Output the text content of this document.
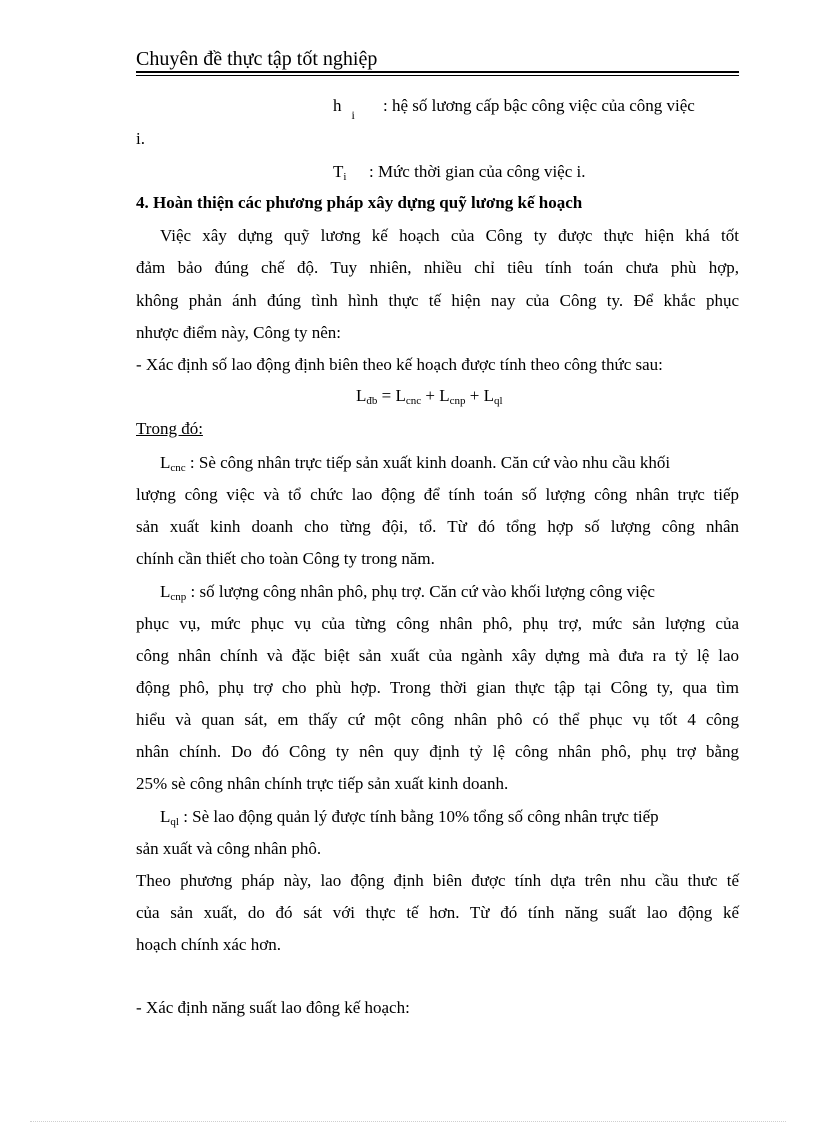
Chuyên đề thực tập tốt nghiệp
h $_i$ : hệ số lương cấp bậc công việc của công việc
i.
$T_i$ : Mức thời gian của công việc i.
4. Hoàn thiện các phương pháp xây dựng quỹ lương kế hoạch
Việc xây dựng quỹ lương kế hoạch của Công ty được thực hiện khá tốt
đảm bảo đúng chế độ. Tuy nhiên, nhiều chỉ tiêu tính toán chưa phù hợp,
không phản ánh đúng tình hình thực tế hiện nay của Công ty. Để khắc phục
nhược điểm này, Công ty nên:
- Xác định số lao động định biên theo kế hoạch được tính theo công thức sau:
$L_{đb} = L_{cnc} + L_{cnp} + L_{ql}$
Trong đó:
$L_{cnc}$ : Sè công nhân trực tiếp sản xuất kinh doanh. Căn cứ vào nhu cầu khối
lượng công việc và tổ chức lao động để tính toán số lượng công nhân trực tiếp
sản xuất kinh doanh cho từng đội, tổ. Từ đó tổng hợp số lượng công nhân
chính cần thiết cho toàn Công ty trong năm.
$L_{cnp}$ : số lượng công nhân phô, phụ trợ. Căn cứ vào khối lượng công việc
phục vụ, mức phục vụ của từng công nhân phô, phụ trợ, mức sản lượng của
công nhân chính và đặc biệt sản xuất của ngành xây dựng mà đưa ra tỷ lệ lao
động phô, phụ trợ cho phù hợp. Trong thời gian thực tập tại Công ty, qua tìm
hiểu và quan sát, em thấy cứ một công nhân phô có thể phục vụ tốt 4 công
nhân chính. Do đó Công ty nên quy định tỷ lệ công nhân phô, phụ trợ bằng
25% sè công nhân chính trực tiếp sản xuất kinh doanh.
$L_{ql}$ : Sè lao động quản lý được tính bằng 10% tổng số công nhân trực tiếp
sản xuất và công nhân phô.
Theo phương pháp này, lao động định biên được tính dựa trên nhu cầu thưc tế
của sản xuất, do đó sát với thực tế hơn. Từ đó tính năng suất lao động kế
hoạch chính xác hơn.
- Xác định năng suất lao đông kế hoạch:
